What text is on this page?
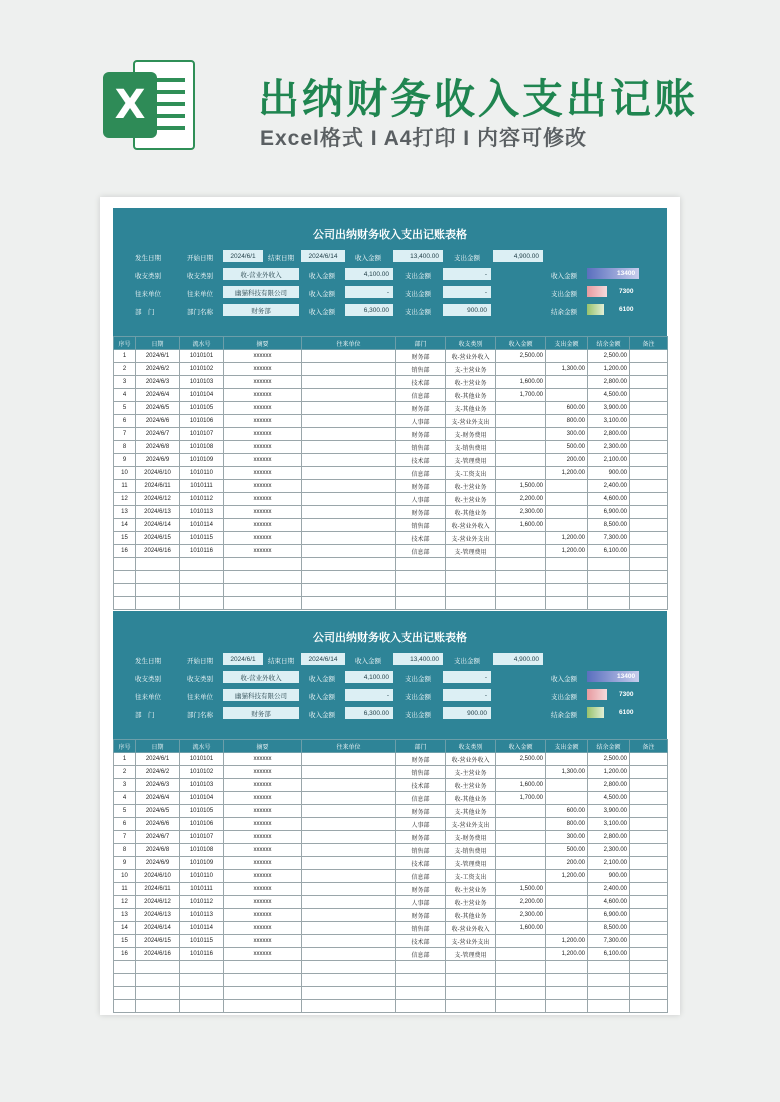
X	出纳财务收入支出记账
Excel格式 I A4打印 I 内容可修改
公司出纳财务收入支出记账表格
发生日期	开始日期	2024/6/1	结束日期	2024/6/14	收入金额	13,400.00	支出金额	4,900.00
收支类别	收支类别	收-营业外收入	收入金额	4,100.00	支出金额	-
往来单位	往来单位	幽猫科技有限公司	收入金额	-	支出金额	-
部　门	部门名称	财务部	收入金额	6,300.00	支出金额	900.00
收入金额	13400
支出金额	7300
结余金额	6100
序号	日期	流水号	摘要	往来单位	部门	收支类别	收入金额	支出金额	结余金额	备注
1	2024/6/1	1010101	xxxxxx		财务部	收-营业外收入	2,500.00		2,500.00	
2	2024/6/2	1010102	xxxxxx		销售部	支-主营业务		1,300.00	1,200.00	
3	2024/6/3	1010103	xxxxxx		技术部	收-主营业务	1,600.00		2,800.00	
4	2024/6/4	1010104	xxxxxx		信息部	收-其他业务	1,700.00		4,500.00	
5	2024/6/5	1010105	xxxxxx		财务部	支-其他业务		600.00	3,900.00	
6	2024/6/6	1010106	xxxxxx		人事部	支-营业外支出		800.00	3,100.00	
7	2024/6/7	1010107	xxxxxx		财务部	支-财务费用		300.00	2,800.00	
8	2024/6/8	1010108	xxxxxx		销售部	支-销售费用		500.00	2,300.00	
9	2024/6/9	1010109	xxxxxx		技术部	支-管理费用		200.00	2,100.00	
10	2024/6/10	1010110	xxxxxx		信息部	支-工资支出		1,200.00	900.00	
11	2024/6/11	1010111	xxxxxx		财务部	收-主营业务	1,500.00		2,400.00	
12	2024/6/12	1010112	xxxxxx		人事部	收-主营业务	2,200.00		4,600.00	
13	2024/6/13	1010113	xxxxxx		财务部	收-其他业务	2,300.00		6,900.00	
14	2024/6/14	1010114	xxxxxx		销售部	收-营业外收入	1,600.00		8,500.00	
15	2024/6/15	1010115	xxxxxx		技术部	支-营业外支出		1,200.00	7,300.00	
16	2024/6/16	1010116	xxxxxx		信息部	支-管理费用		1,200.00	6,100.00	

公司出纳财务收入支出记账表格
发生日期	开始日期	2024/6/1	结束日期	2024/6/14	收入金额	13,400.00	支出金额	4,900.00
收支类别	收支类别	收-营业外收入	收入金额	4,100.00	支出金额	-
往来单位	往来单位	幽猫科技有限公司	收入金额	-	支出金额	-
部　门	部门名称	财务部	收入金额	6,300.00	支出金额	900.00
收入金额	13400
支出金额	7300
结余金额	6100
序号	日期	流水号	摘要	往来单位	部门	收支类别	收入金额	支出金额	结余金额	备注
1	2024/6/1	1010101	xxxxxx		财务部	收-营业外收入	2,500.00		2,500.00	
2	2024/6/2	1010102	xxxxxx		销售部	支-主营业务		1,300.00	1,200.00	
3	2024/6/3	1010103	xxxxxx		技术部	收-主营业务	1,600.00		2,800.00	
4	2024/6/4	1010104	xxxxxx		信息部	收-其他业务	1,700.00		4,500.00	
5	2024/6/5	1010105	xxxxxx		财务部	支-其他业务		600.00	3,900.00	
6	2024/6/6	1010106	xxxxxx		人事部	支-营业外支出		800.00	3,100.00	
7	2024/6/7	1010107	xxxxxx		财务部	支-财务费用		300.00	2,800.00	
8	2024/6/8	1010108	xxxxxx		销售部	支-销售费用		500.00	2,300.00	
9	2024/6/9	1010109	xxxxxx		技术部	支-管理费用		200.00	2,100.00	
10	2024/6/10	1010110	xxxxxx		信息部	支-工资支出		1,200.00	900.00	
11	2024/6/11	1010111	xxxxxx		财务部	收-主营业务	1,500.00		2,400.00	
12	2024/6/12	1010112	xxxxxx		人事部	收-主营业务	2,200.00		4,600.00	
13	2024/6/13	1010113	xxxxxx		财务部	收-其他业务	2,300.00		6,900.00	
14	2024/6/14	1010114	xxxxxx		销售部	收-营业外收入	1,600.00		8,500.00	
15	2024/6/15	1010115	xxxxxx		技术部	支-营业外支出		1,200.00	7,300.00	
16	2024/6/16	1010116	xxxxxx		信息部	支-管理费用		1,200.00	6,100.00	
